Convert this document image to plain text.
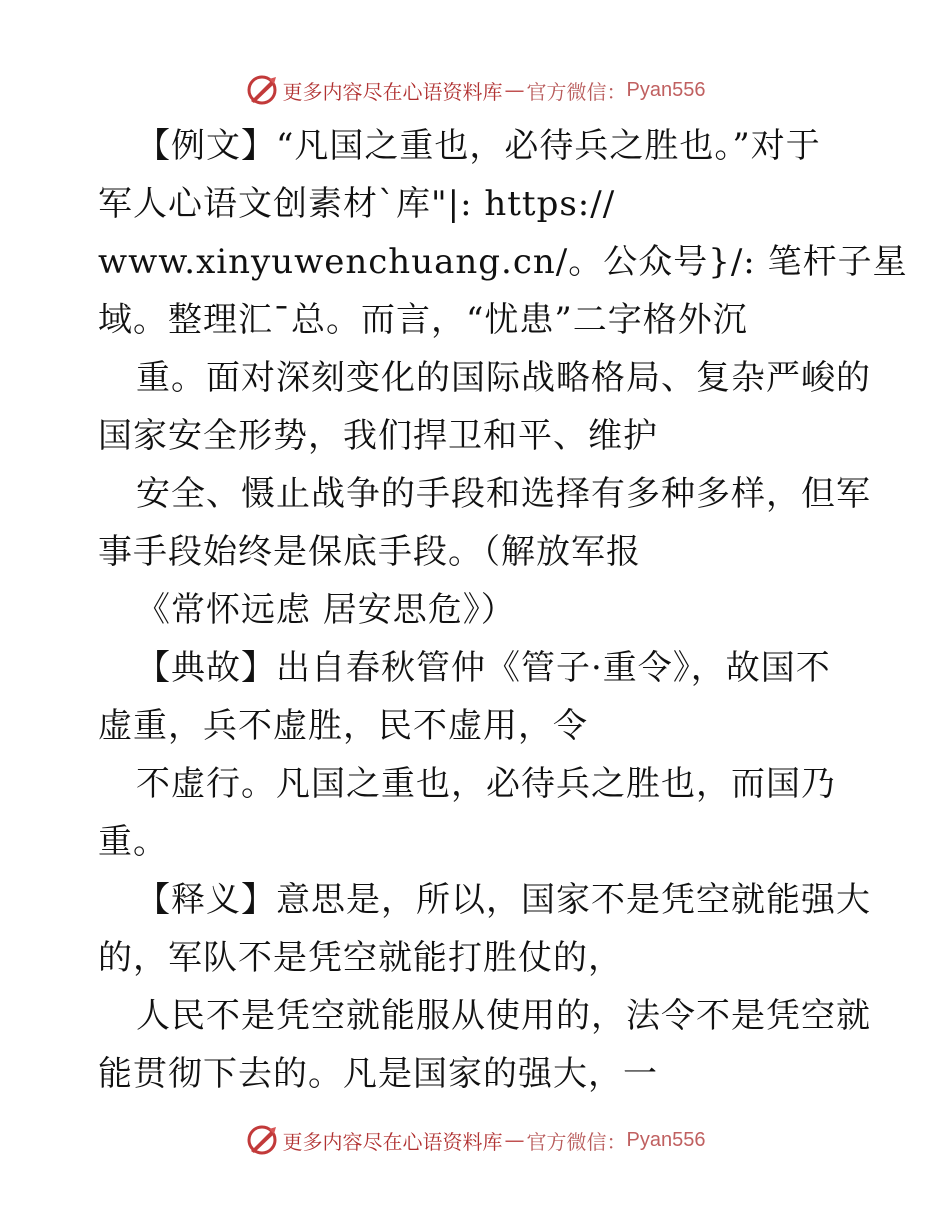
更多内容尽在心语资料库 — 官方微信： Pyan556
【例文】“凡国之重也，必待兵之胜也。”对于
军人心语文创素材`库"|: https://
www.xinyuwenchuang.cn/。公众号}/: 笔杆子星
域。整理汇¯总。而言，“忧患”二字格外沉
重。面对深刻变化的国际战略格局、复杂严峻的
国家安全形势，我们捍卫和平、维护
安全、慑止战争的手段和选择有多种多样，但军
事手段始终是保底手段。（解放军报
《常怀远虑 居安思危》）
【典故】出自春秋管仲《管子·重令》，故国不
虚重，兵不虚胜，民不虚用，令
不虚行。凡国之重也，必待兵之胜也，而国乃
重。
【释义】意思是，所以，国家不是凭空就能强大
的，军队不是凭空就能打胜仗的，
人民不是凭空就能服从使用的，法令不是凭空就
能贯彻下去的。凡是国家的强大，一
更多内容尽在心语资料库 — 官方微信： Pyan556
